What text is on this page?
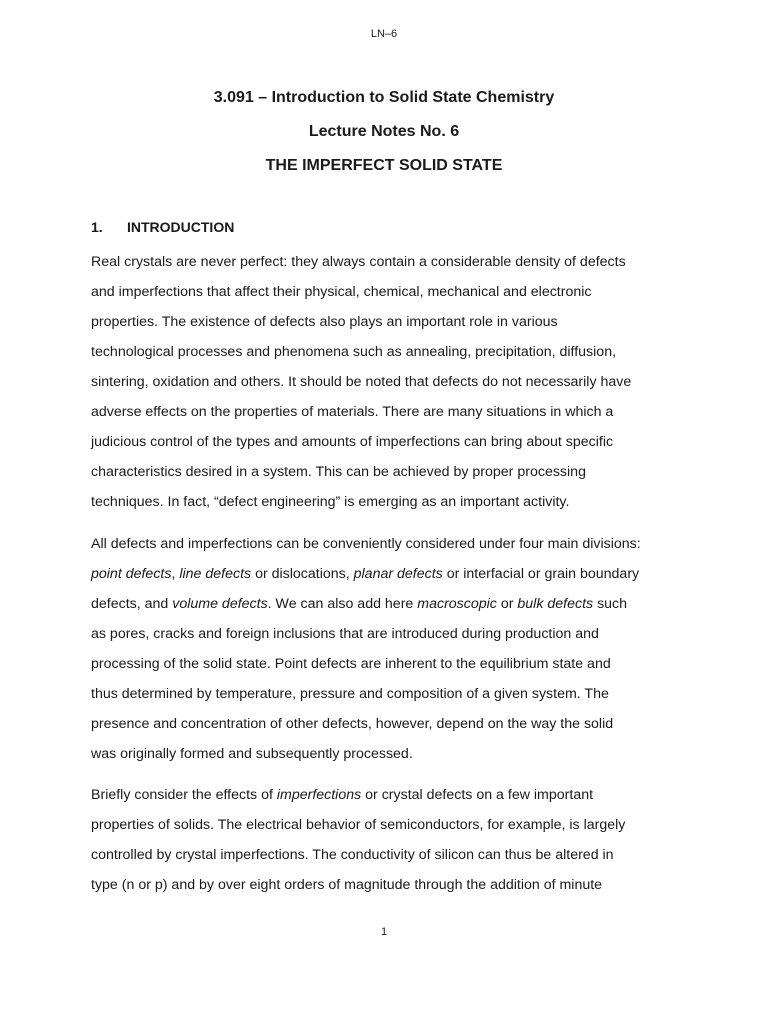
LN–6
3.091 – Introduction to Solid State Chemistry
Lecture Notes No. 6
THE IMPERFECT SOLID STATE
1. INTRODUCTION
Real crystals are never perfect: they always contain a considerable density of defects
and imperfections that affect their physical, chemical, mechanical and electronic
properties. The existence of defects also plays an important role in various
technological processes and phenomena such as annealing, precipitation, diffusion,
sintering, oxidation and others. It should be noted that defects do not necessarily have
adverse effects on the properties of materials. There are many situations in which a
judicious control of the types and amounts of imperfections can bring about specific
characteristics desired in a system. This can be achieved by proper processing
techniques. In fact, “defect engineering” is emerging as an important activity.
All defects and imperfections can be conveniently considered under four main divisions:
point defects, line defects or dislocations, planar defects or interfacial or grain boundary
defects, and volume defects. We can also add here macroscopic or bulk defects such
as pores, cracks and foreign inclusions that are introduced during production and
processing of the solid state. Point defects are inherent to the equilibrium state and
thus determined by temperature, pressure and composition of a given system. The
presence and concentration of other defects, however, depend on the way the solid
was originally formed and subsequently processed.
Briefly consider the effects of imperfections or crystal defects on a few important
properties of solids. The electrical behavior of semiconductors, for example, is largely
controlled by crystal imperfections. The conductivity of silicon can thus be altered in
type (n or p) and by over eight orders of magnitude through the addition of minute
1
